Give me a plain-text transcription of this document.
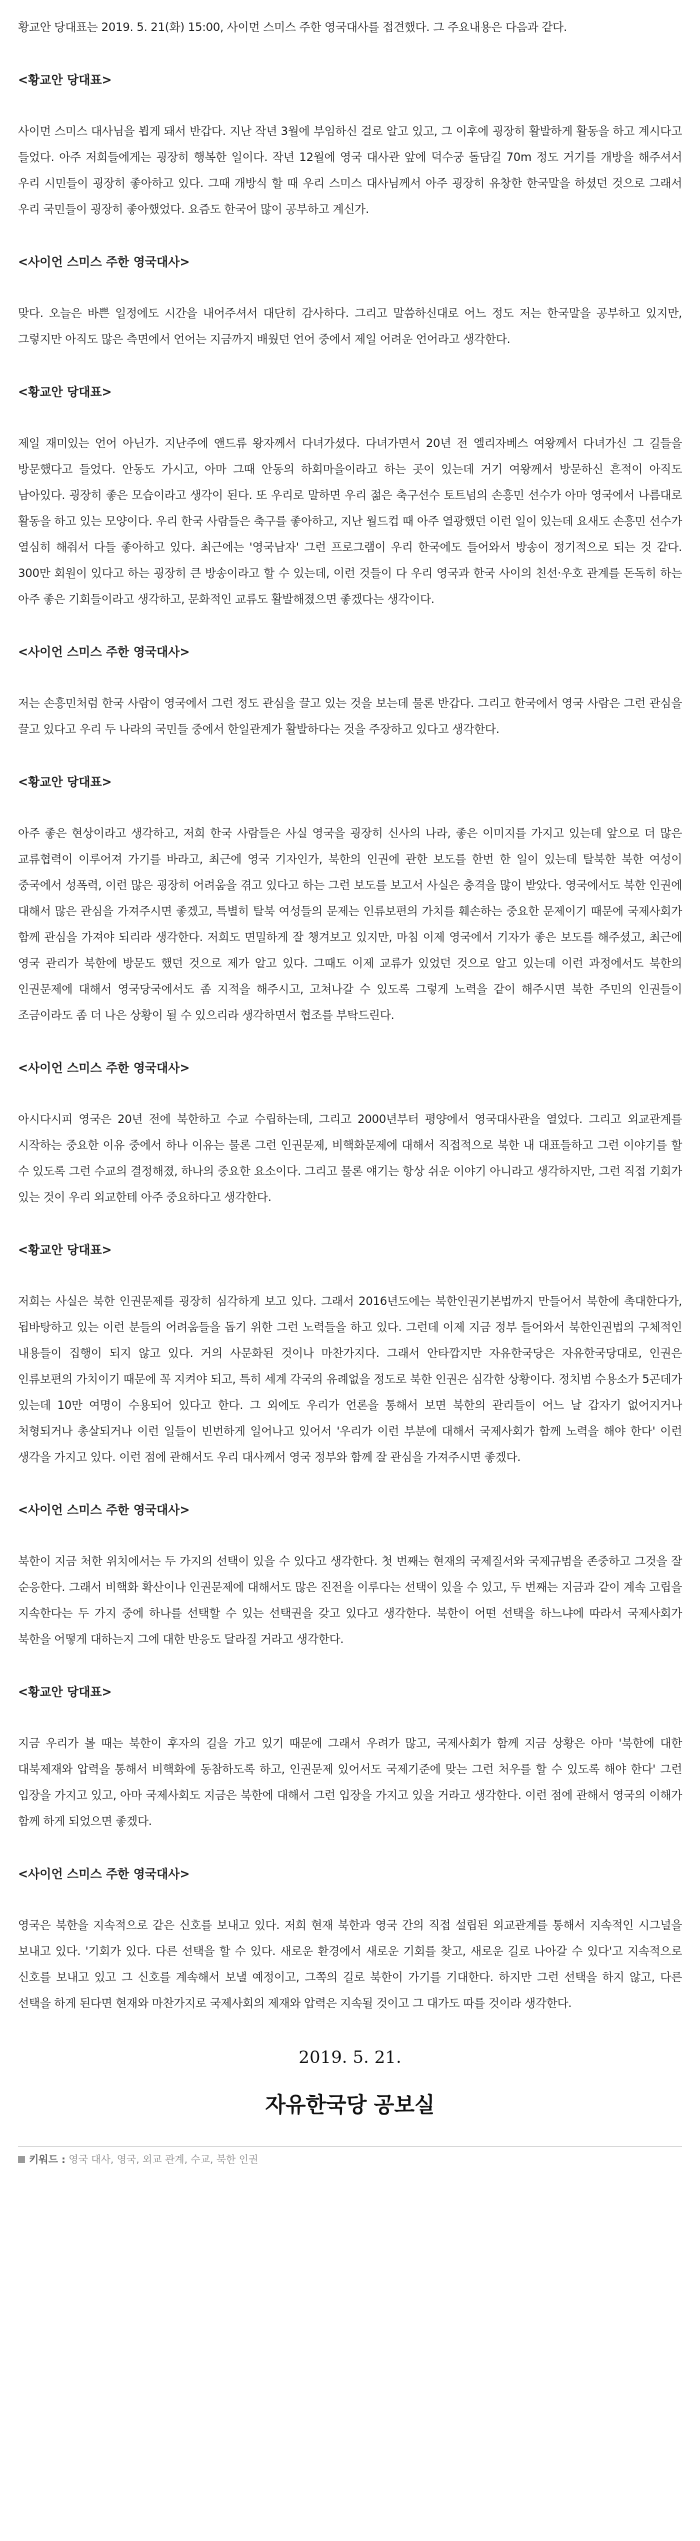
황교안 당대표는 2019. 5. 21(화) 15:00, 사이먼 스미스 주한 영국대사를 접견했다. 그 주요내용은 다음과 같다.
<황교안 당대표>
사이먼 스미스 대사님을 뵙게 돼서 반갑다. 지난 작년 3월에 부임하신 걸로 알고 있고, 그 이후에 굉장히 활발하게 활동을 하고 계시다고 들었다. 아주 저희들에게는 굉장히 행복한 일이다. 작년 12월에 영국 대사관 앞에 덕수궁 돌담길 70m 정도 거기를 개방을 해주셔서 우리 시민들이 굉장히 좋아하고 있다. 그때 개방식 할 때 우리 스미스 대사님께서 아주 굉장히 유창한 한국말을 하셨던 것으로 그래서 우리 국민들이 굉장히 좋아했었다. 요즘도 한국어 많이 공부하고 계신가.
<사이언 스미스 주한 영국대사>
맞다. 오늘은 바쁜 일정에도 시간을 내어주셔서 대단히 감사하다. 그리고 말씀하신대로 어느 정도 저는 한국말을 공부하고 있지만, 그렇지만 아직도 많은 측면에서 언어는 지금까지 배웠던 언어 중에서 제일 어려운 언어라고 생각한다.
<황교안 당대표>
제일 재미있는 언어 아닌가. 지난주에 앤드류 왕자께서 다녀가셨다. 다녀가면서 20년 전 엘리자베스 여왕께서 다녀가신 그 길들을 방문했다고 들었다. 안동도 가시고, 아마 그때 안동의 하회마을이라고 하는 곳이 있는데 거기 여왕께서 방문하신 흔적이 아직도 남아있다. 굉장히 좋은 모습이라고 생각이 된다. 또 우리로 말하면 우리 젊은 축구선수 토트넘의 손흥민 선수가 아마 영국에서 나름대로 활동을 하고 있는 모양이다. 우리 한국 사람들은 축구를 좋아하고, 지난 월드컵 때 아주 열광했던 이런 일이 있는데 요새도 손흥민 선수가 열심히 해줘서 다들 좋아하고 있다. 최근에는 '영국남자' 그런 프로그램이 우리 한국에도 들어와서 방송이 정기적으로 되는 것 같다. 300만 회원이 있다고 하는 굉장히 큰 방송이라고 할 수 있는데, 이런 것들이 다 우리 영국과 한국 사이의 친선·우호 관계를 돈독히 하는 아주 좋은 기회들이라고 생각하고, 문화적인 교류도 활발해졌으면 좋겠다는 생각이다.
<사이언 스미스 주한 영국대사>
저는 손흥민처럼 한국 사람이 영국에서 그런 정도 관심을 끌고 있는 것을 보는데 물론 반갑다. 그리고 한국에서 영국 사람은 그런 관심을 끌고 있다고 우리 두 나라의 국민들 중에서 한일관계가 활발하다는 것을 주장하고 있다고 생각한다.
<황교안 당대표>
아주 좋은 현상이라고 생각하고, 저희 한국 사람들은 사실 영국을 굉장히 신사의 나라, 좋은 이미지를 가지고 있는데 앞으로 더 많은 교류협력이 이루어져 가기를 바라고, 최근에 영국 기자인가, 북한의 인권에 관한 보도를 한번 한 일이 있는데 탈북한 북한 여성이 중국에서 성폭력, 이런 많은 굉장히 어려움을 겪고 있다고 하는 그런 보도를 보고서 사실은 충격을 많이 받았다. 영국에서도 북한 인권에 대해서 많은 관심을 가져주시면 좋겠고, 특별히 탈북 여성들의 문제는 인류보편의 가치를 훼손하는 중요한 문제이기 때문에 국제사회가 함께 관심을 가져야 되리라 생각한다. 저희도 면밀하게 잘 챙겨보고 있지만, 마침 이제 영국에서 기자가 좋은 보도를 해주셨고, 최근에 영국 관리가 북한에 방문도 했던 것으로 제가 알고 있다. 그때도 이제 교류가 있었던 것으로 알고 있는데 이런 과정에서도 북한의 인권문제에 대해서 영국당국에서도 좀 지적을 해주시고, 고쳐나갈 수 있도록 그렇게 노력을 같이 해주시면 북한 주민의 인권들이 조금이라도 좀 더 나은 상황이 될 수 있으리라 생각하면서 협조를 부탁드린다.
<사이언 스미스 주한 영국대사>
아시다시피 영국은 20년 전에 북한하고 수교 수립하는데, 그리고 2000년부터 평양에서 영국대사관을 열었다. 그리고 외교관계를 시작하는 중요한 이유 중에서 하나 이유는 물론 그런 인권문제, 비핵화문제에 대해서 직접적으로 북한 내 대표들하고 그런 이야기를 할 수 있도록 그런 수교의 결정해졌, 하나의 중요한 요소이다. 그리고 물론 얘기는 항상 쉬운 이야기 아니라고 생각하지만, 그런 직접 기회가 있는 것이 우리 외교한테 아주 중요하다고 생각한다.
<황교안 당대표>
저희는 사실은 북한 인권문제를 굉장히 심각하게 보고 있다. 그래서 2016년도에는 북한인권기본법까지 만들어서 북한에 촉대한다가, 됩바탕하고 있는 이런 분들의 어려움들을 돕기 위한 그런 노력들을 하고 있다. 그런데 이제 지금 정부 들어와서 북한인권법의 구체적인 내용들이 집행이 되지 않고 있다. 거의 사문화된 것이나 마찬가지다. 그래서 안타깝지만 자유한국당은 자유한국당대로, 인권은 인류보편의 가치이기 때문에 꼭 지켜야 되고, 특히 세계 각국의 유례없을 정도로 북한 인권은 심각한 상황이다. 정치범 수용소가 5곤데가 있는데 10만 여명이 수용되어 있다고 한다. 그 외에도 우리가 언론을 통해서 보면 북한의 관리들이 어느 날 갑자기 없어지거나 처형되거나 총살되거나 이런 일들이 빈번하게 일어나고 있어서 '우리가 이런 부분에 대해서 국제사회가 함께 노력을 해야 한다' 이런 생각을 가지고 있다. 이런 점에 관해서도 우리 대사께서 영국 정부와 함께 잘 관심을 가져주시면 좋겠다.
<사이언 스미스 주한 영국대사>
북한이 지금 처한 위치에서는 두 가지의 선택이 있을 수 있다고 생각한다. 첫 번째는 현재의 국제질서와 국제규범을 존중하고 그것을 잘 순응한다. 그래서 비핵화 확산이나 인권문제에 대해서도 많은 진전을 이루다는 선택이 있을 수 있고, 두 번째는 지금과 같이 계속 고립을 지속한다는 두 가지 중에 하나를 선택할 수 있는 선택권을 갖고 있다고 생각한다. 북한이 어떤 선택을 하느냐에 따라서 국제사회가 북한을 어떻게 대하는지 그에 대한 반응도 달라질 거라고 생각한다.
<황교안 당대표>
지금 우리가 볼 때는 북한이 후자의 길을 가고 있기 때문에 그래서 우려가 많고, 국제사회가 함께 지금 상황은 아마 '북한에 대한 대북제재와 압력을 통해서 비핵화에 동참하도록 하고, 인권문제 있어서도 국제기준에 맞는 그런 처우를 할 수 있도록 해야 한다' 그런 입장을 가지고 있고, 아마 국제사회도 지금은 북한에 대해서 그런 입장을 가지고 있을 거라고 생각한다. 이런 점에 관해서 영국의 이해가 함께 하게 되었으면 좋겠다.
<사이언 스미스 주한 영국대사>
영국은 북한을 지속적으로 같은 신호를 보내고 있다. 저희 현재 북한과 영국 간의 직접 설립된 외교관계를 통해서 지속적인 시그널을 보내고 있다. '기회가 있다. 다른 선택을 할 수 있다. 새로운 환경에서 새로운 기회를 찾고, 새로운 길로 나아갈 수 있다'고 지속적으로 신호를 보내고 있고 그 신호를 계속해서 보낼 예정이고, 그쪽의 길로 북한이 가기를 기대한다. 하지만 그런 선택을 하지 않고, 다른 선택을 하게 된다면 현재와 마찬가지로 국제사회의 제재와 압력은 지속될 것이고 그 대가도 따를 것이라 생각한다.
2019. 5. 21.
자유한국당 공보실
키워드 : 영국 대사, 영국, 외교 관계, 수교, 북한 인권
